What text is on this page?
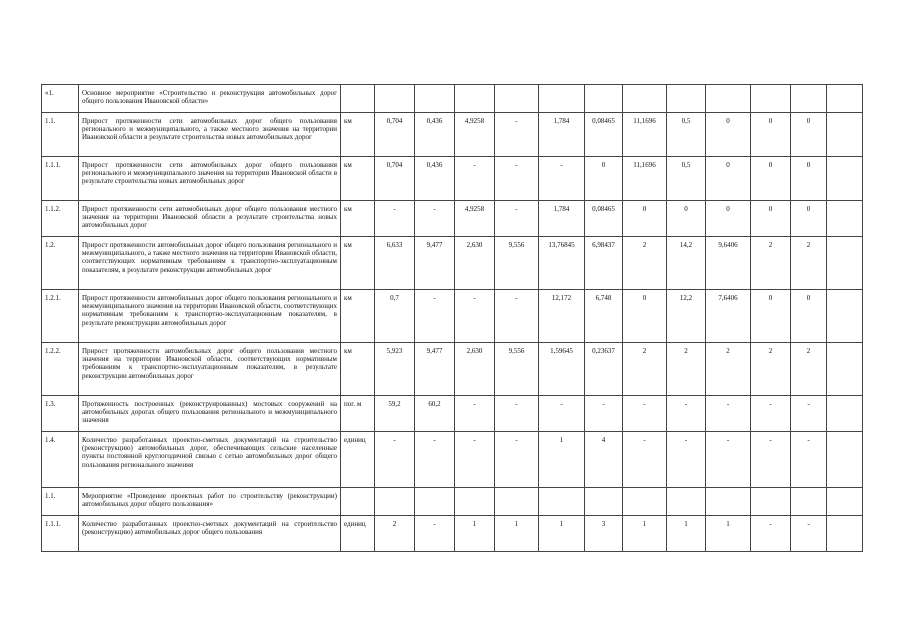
«1.	Основное мероприятие «Строительство и реконструкция автомобильных дорог общего пользования Ивановской области»													
1.1.	Прирост протяженности сети автомобильных дорог общего пользования регионального и межмуниципального, а также местного значения на территории Ивановской области в результате строительства новых автомобильных дорог	км	0,704	0,436	4,9258	-	1,784	0,08465	11,1696	0,5	0	0	0	
1.1.1.	Прирост протяженности сети автомобильных дорог общего пользования регионального и межмуниципального значения на территории Ивановской области в результате строительства новых автомобильных дорог	км	0,704	0,436	-	-	-	0	11,1696	0,5	0	0	0	
1.1.2.	Прирост протяженности сети автомобильных дорог общего пользования местного значения на территории Ивановской области в результате строительства новых автомобильных дорог	км	-	-	4,9258	-	1,784	0,08465	0	0	0	0	0	
1.2.	Прирост протяженности автомобильных дорог общего пользования регионального и межмуниципального, а также местного значения на территории Ивановской области, соответствующих нормативным требованиям к транспортно-эксплуатационным показателям, в результате реконструкции автомобильных дорог	км	6,633	9,477	2,630	9,556	13,76845	6,98437	2	14,2	9,6406	2	2	
1.2.1.	Прирост протяженности автомобильных дорог общего пользования регионального и межмуниципального значения на территории Ивановской области, соответствующих нормативным требованиям к транспортно-эксплуатационным показателям, в результате реконструкции автомобильных дорог	км	0,7	-	-	-	12,172	6,748	0	12,2	7,6406	0	0	
1.2.2.	Прирост протяженности автомобильных дорог общего пользования местного значения на территории Ивановской области, соответствующих нормативным требованиям к транспортно-эксплуатационным показателям, в результате реконструкции автомобильных дорог	км	5,923	9,477	2,630	9,556	1,59645	0,23637	2	2	2	2	2	
1.3.	Протяженность построенных (реконструированных) мостовых сооружений на автомобильных дорогах общего пользования регионального и межмуниципального значения	пог. м	59,2	60,2	-	-	-	-	-	-	-	-	-	
1.4.	Количество разработанных проектно-сметных документаций на строительство (реконструкцию) автомобильных дорог, обеспечивающих сельские населенные пункты постоянной круглогодичной связью с сетью автомобильных дорог общего пользования регионального значения	единиц	-	-	-	-	1	4	-	-	-	-	-	
1.1.	Мероприятие «Проведение проектных работ по строительству (реконструкции) автомобильных дорог общего пользования»													
1.1.1.	Количество разработанных проектно-сметных документаций на строительство (реконструкцию) автомобильных дорог общего пользования	единиц	2	-	1	1	1	3	1	1	1	-	-	
